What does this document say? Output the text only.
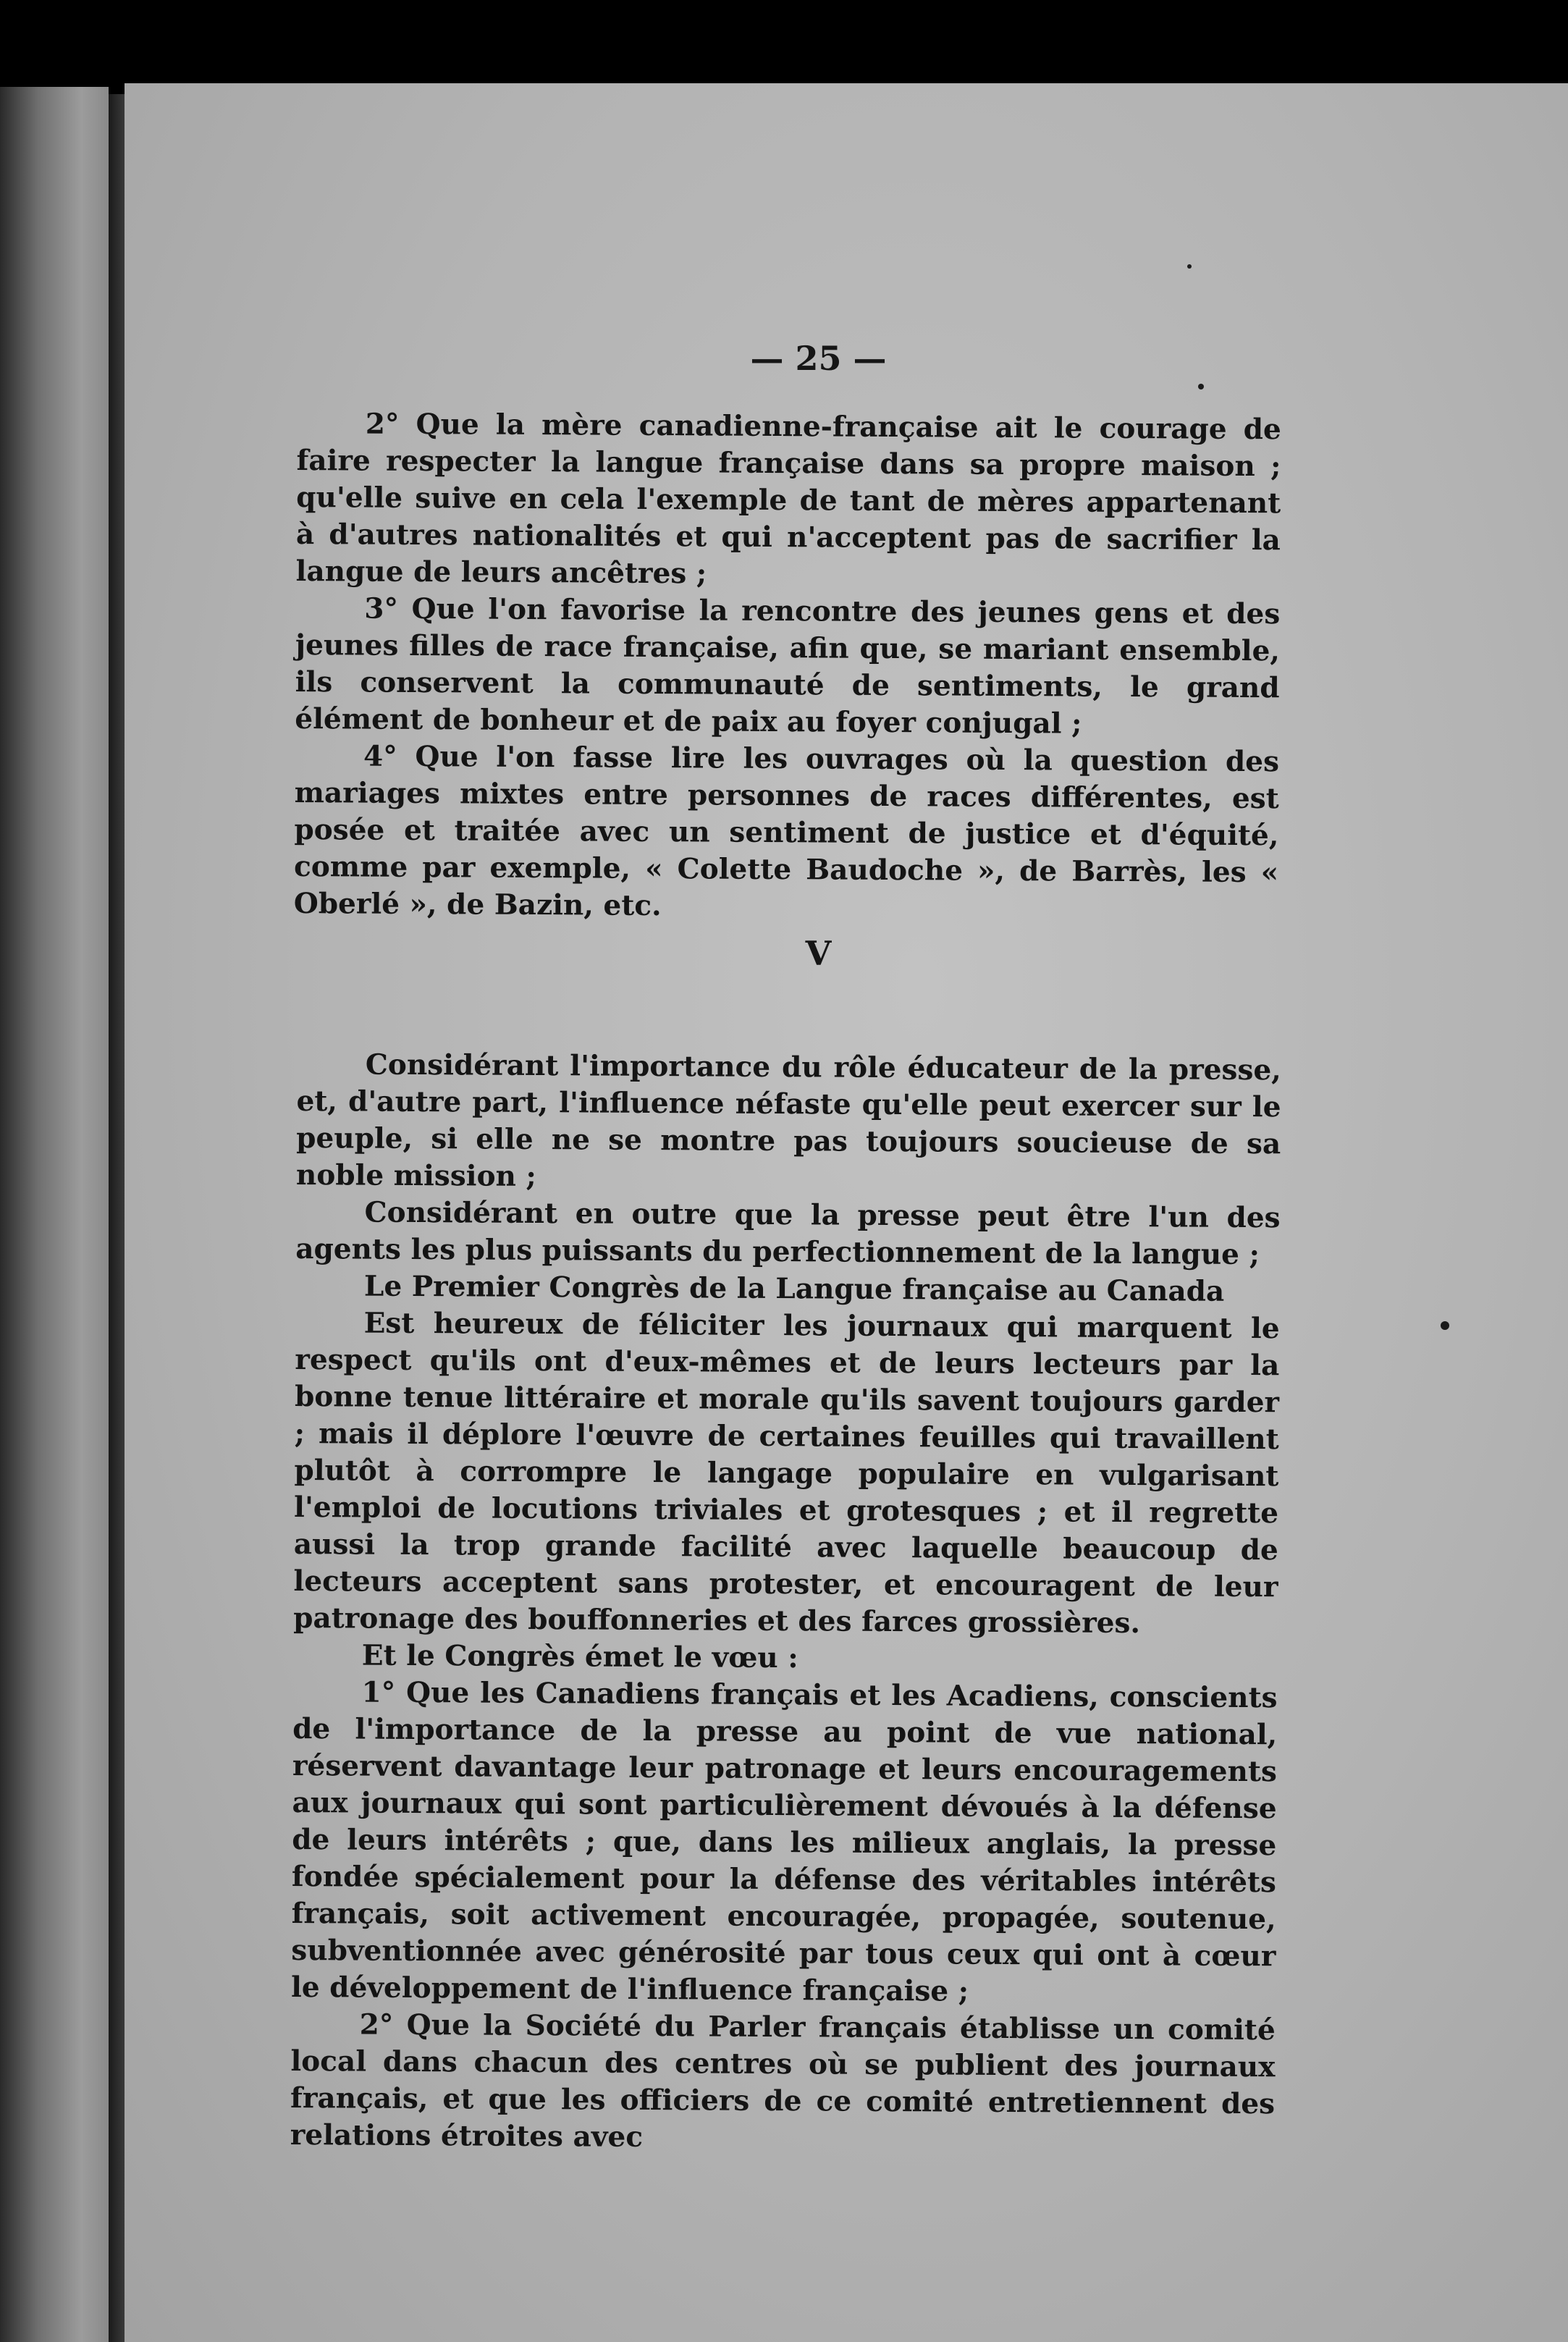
— 25 —

2° Que la mère canadienne-française ait le courage de faire respecter la langue française dans sa propre maison ; qu'elle suive en cela l'exemple de tant de mères appartenant à d'autres nationalités et qui n'acceptent pas de sacrifier la langue de leurs ancêtres ;

3° Que l'on favorise la rencontre des jeunes gens et des jeunes filles de race française, afin que, se mariant ensemble, ils conservent la communauté de sentiments, le grand élément de bonheur et de paix au foyer conjugal ;

4° Que l'on fasse lire les ouvrages où la question des mariages mixtes entre personnes de races différentes, est posée et traitée avec un sentiment de justice et d'équité, comme par exemple, « Colette Baudoche », de Barrès, les « Oberlé », de Bazin, etc.

V

Considérant l'importance du rôle éducateur de la presse, et, d'autre part, l'influence néfaste qu'elle peut exercer sur le peuple, si elle ne se montre pas toujours soucieuse de sa noble mission ;

Considérant en outre que la presse peut être l'un des agents les plus puissants du perfectionnement de la langue ;

Le Premier Congrès de la Langue française au Canada

Est heureux de féliciter les journaux qui marquent le respect qu'ils ont d'eux-mêmes et de leurs lecteurs par la bonne tenue littéraire et morale qu'ils savent toujours garder ; mais il déplore l'œuvre de certaines feuilles qui travaillent plutôt à corrompre le langage populaire en vulgarisant l'emploi de locutions triviales et grotesques ; et il regrette aussi la trop grande facilité avec laquelle beaucoup de lecteurs acceptent sans protester, et encouragent de leur patronage des bouffonneries et des farces grossières.

Et le Congrès émet le vœu :

1° Que les Canadiens français et les Acadiens, conscients de l'importance de la presse au point de vue national, réservent davantage leur patronage et leurs encouragements aux journaux qui sont particulièrement dévoués à la défense de leurs intérêts ; que, dans les milieux anglais, la presse fondée spécialement pour la défense des véritables intérêts français, soit activement encouragée, propagée, soutenue, subventionnée avec générosité par tous ceux qui ont à cœur le développement de l'influence française ;

2° Que la Société du Parler français établisse un comité local dans chacun des centres où se publient des journaux français, et que les officiers de ce comité entretiennent des relations étroites avec
